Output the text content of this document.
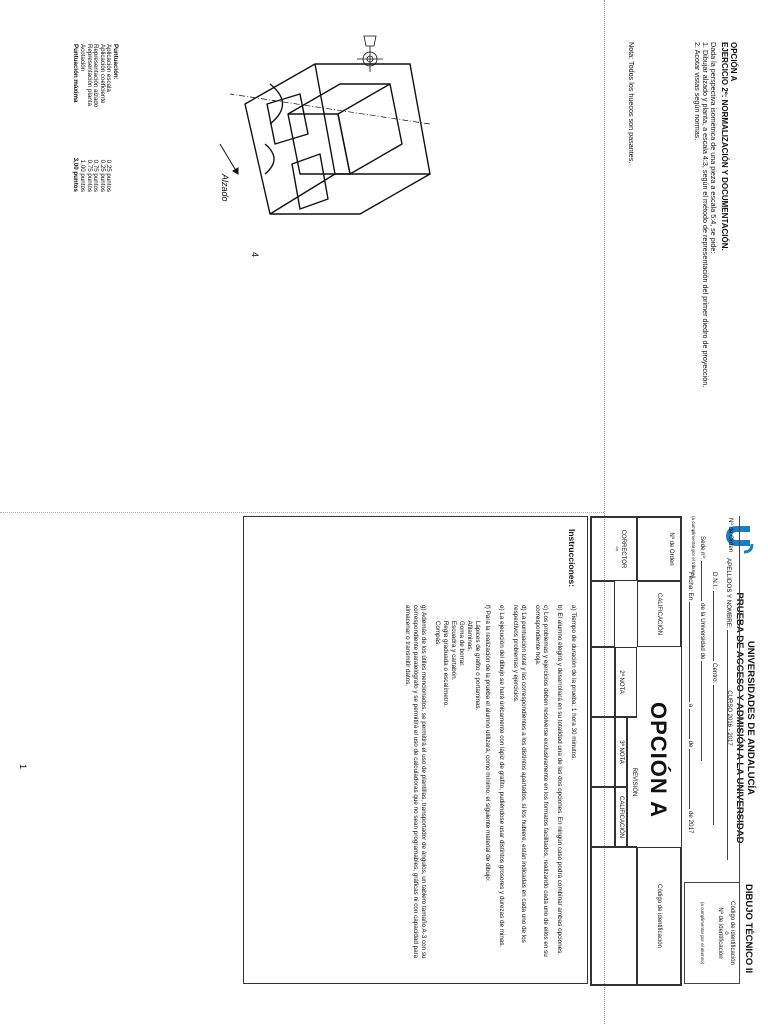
OPCIÓN A
EJERCICIO 2º: NORMALIZACIÓN Y DOCUMENTACIÓN.
Dada la perspectiva isométrica de una pieza a escala 5:4, se pide:
1. Dibujar alzado y planta, a escala 4:3, según el método de representación del primer diedro de proyección.
2. Acotar vistas según normas.
Nota: Todos los huecos son pasantes.
Alzado
Puntuación:
Aplicación escala
0,25 puntos
Aplicación coeficiente
0,25 puntos
Representación alzado
0,75 puntos
Representación planta
0,75 puntos
Acotación
1,00 puntos
Puntuación máxima
3,00 puntos
4
UNIVERSIDADES DE ANDALUCÍA
PRUEBA DE ACCESO Y ADMISIÓN A LA UNIVERSIDAD
CURSO 2016 - 2017
DIBUJO TÉCNICO II
Nº de Orden
APELLIDOS Y NOMBRE:
D.N.I.:  Centro:
Sede nº:  de la Universidad de
(a cumplimentar por el tribunal)
Fecha: En  a  de  de 2017
Código de identificación
o
Nº de identificación
(a cumplimentar por el alumno)
Nº de Orden
CALIFICACIÓN
OPCIÓN A
REVISIÓN
2ª NOTA
3ª NOTA
CALIFICACIÓN
Código de identificación
CORRECTOR
⇨
Instrucciones:

a) Tiempo de duración de la prueba: 1 hora 30 minutos.

b) El alumno elegirá y desarrollará en su totalidad una de las dos opciones. En ningún caso podrá combinar ambas opciones.

c) Los problemas y ejercicios deben resolverse exclusivamente en los formatos facilitados, realizando cada uno de ellos en su correspondiente hoja.

d) La puntuación total y las correspondientes a los distintos apartados, si los hubiere, están indicadas en cada uno de los respectivos problemas y ejercicios.

e) La ejecución del dibujo se hará únicamente con lápiz de grafito, pudiéndose usar distintos grosores y durezas de minas.

f) Para la realización de la prueba el alumno utilizará, como mínimo, el siguiente material de dibujo:

· Lápices de grafito o portaminas.
· Afilaminas.
· Goma de borrar.
· Escuadra y cartabón.
· Regla graduada o escalímetro.
· Compás.

g) Además de los útiles mencionados, se permitirá el uso de plantillas, transportador de ángulos, un tablero tamaño A-3 con su correspondiente paralelógrafo y se permitirá el uso de calculadoras que no sean programables, gráficas ni con capacidad para almacenar o transmitir datos.

1
